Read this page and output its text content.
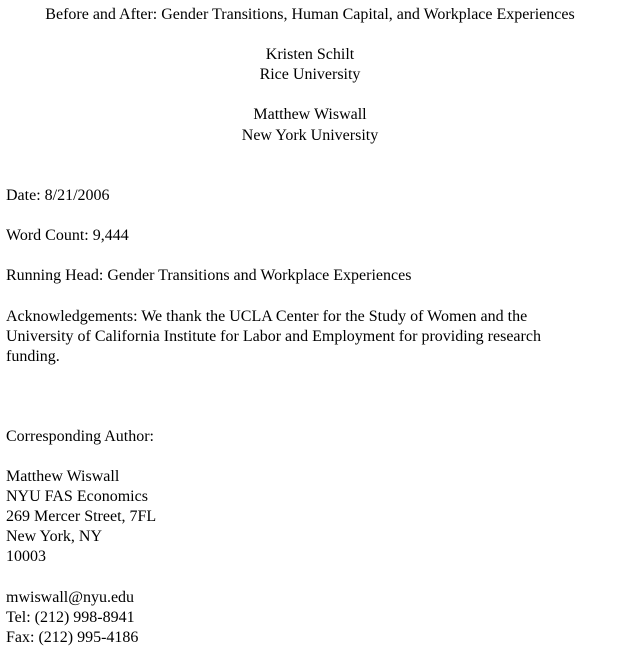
Before and After: Gender Transitions, Human Capital, and Workplace Experiences

Kristen Schilt

Rice University

Matthew Wiswall

New York University

Date: 8/21/2006

Word Count: 9,444

Running Head: Gender Transitions and Workplace Experiences

Acknowledgements: We thank the UCLA Center for the Study of Women and the

University of California Institute for Labor and Employment for providing research

funding.

Corresponding Author:

Matthew Wiswall

NYU FAS Economics

269 Mercer Street, 7FL

New York, NY

10003

mwiswall@nyu.edu

Tel: (212) 998-8941

Fax: (212) 995-4186
